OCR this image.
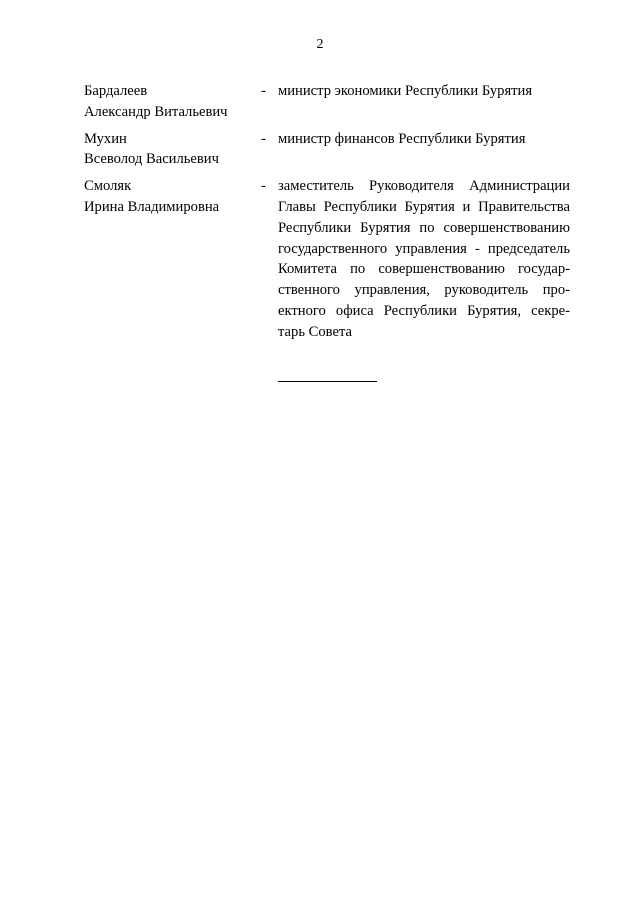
2
Бардалеев
Александр Витальевич
- министр экономики Республики Бурятия
Мухин
Всеволод Васильевич
- министр финансов Республики Бурятия
Смоляк
Ирина Владимировна
- заместитель Руководителя Администрации
Главы Республики Бурятия и Правительства
Республики Бурятия по совершенствованию
государственного управления - председатель
Комитета по совершенствованию государ-
ственного управления, руководитель про-
ектного офиса Республики Бурятия, секре-
тарь Совета
